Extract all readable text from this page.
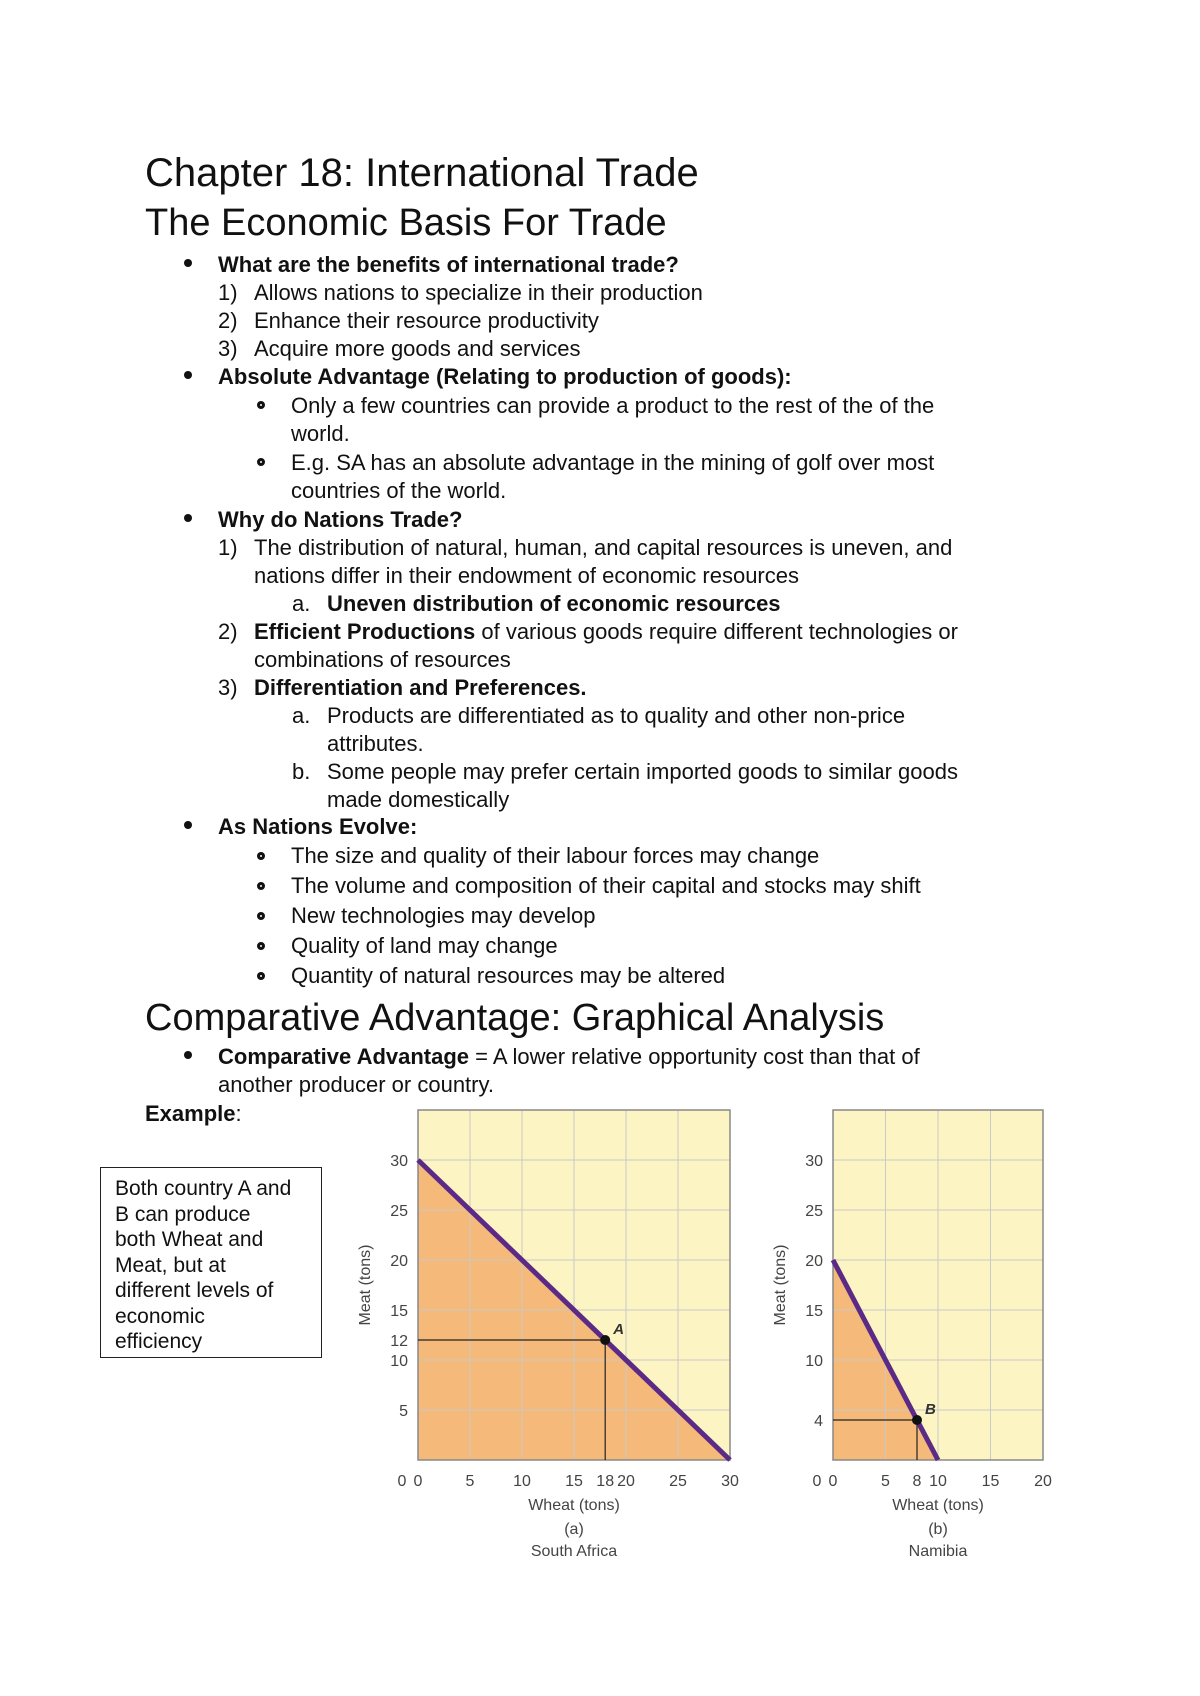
Chapter 18: International Trade
The Economic Basis For Trade
What are the benefits of international trade?
1) Allows nations to specialize in their production
2) Enhance their resource productivity
3) Acquire more goods and services
Absolute Advantage (Relating to production of goods):
Only a few countries can provide a product to the rest of the of the
world.
E.g. SA has an absolute advantage in the mining of golf over most
countries of the world.
Why do Nations Trade?
1) The distribution of natural, human, and capital resources is uneven, and
nations differ in their endowment of economic resources
a. Uneven distribution of economic resources
2) Efficient Productions of various goods require different technologies or
combinations of resources
3) Differentiation and Preferences.
a. Products are differentiated as to quality and other non-price
attributes.
b. Some people may prefer certain imported goods to similar goods
made domestically
As Nations Evolve:
The size and quality of their labour forces may change
The volume and composition of their capital and stocks may shift
New technologies may develop
Quality of land may change
Quantity of natural resources may be altered
Comparative Advantage: Graphical Analysis
Comparative Advantage = A lower relative opportunity cost than that of
another producer or country.
Example:
Both country A and
B can produce
both Wheat and
Meat, but at
different levels of
economic
efficiency
A
0	5 10 15 18 20 25 30
0
5
10
12
15
20
25
30
Wheat (tons)
(a)
South Africa
Meat (tons)
B
0	5 8 10 15 20
0
4
10
15
20
25
30
Wheat (tons)
(b)
Namibia
Meat (tons)
